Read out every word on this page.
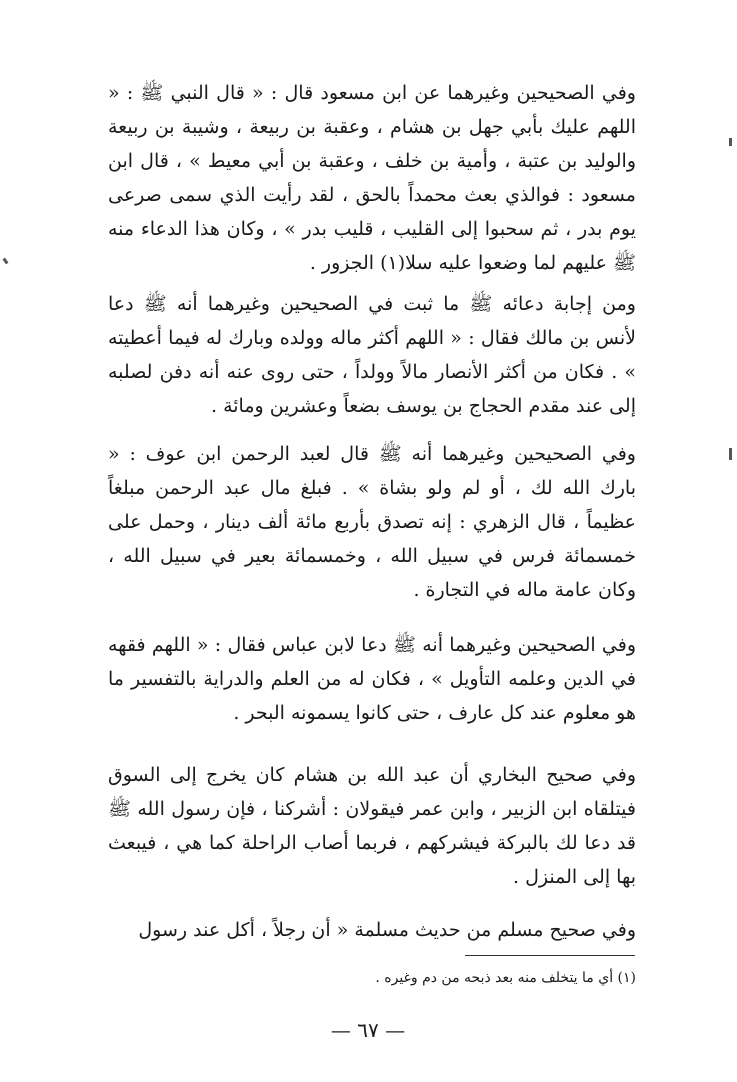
وفي الصحيحين وغيرهما عن ابن مسعود قال : « قال النبي ﷺ : « اللهم عليك بأبي جهل بن هشام ، وعقبة بن ربيعة ، وشيبة بن ربيعة والوليد بن عتبة ، وأمية بن خلف ، وعقبة بن أبي معيط » ، قال ابن مسعود : فوالذي بعث محمداً بالحق ، لقد رأيت الذي سمى صرعى يوم بدر ، ثم سحبوا إلى القليب ، قليب بدر » ، وكان هذا الدعاء منه ﷺ عليهم لما وضعوا عليه سلا(١) الجزور .

ومن إجابة دعائه ﷺ ما ثبت في الصحيحين وغيرهما أنه ﷺ دعا لأنس بن مالك فقال : « اللهم أكثر ماله وولده وبارك له فيما أعطيته » . فكان من أكثر الأنصار مالاً وولداً ، حتى روى عنه أنه دفن لصلبه إلى عند مقدم الحجاج بن يوسف بضعاً وعشرين ومائة .

وفي الصحيحين وغيرهما أنه ﷺ قال لعبد الرحمن ابن عوف : « بارك الله لك ، أو لم ولو بشاة » . فبلغ مال عبد الرحمن مبلغاً عظيماً ، قال الزهري : إنه تصدق بأربع مائة ألف دينار ، وحمل على خمسمائة فرس في سبيل الله ، وخمسمائة بعير في سبيل الله ، وكان عامة ماله في التجارة .

وفي الصحيحين وغيرهما أنه ﷺ دعا لابن عباس فقال : « اللهم فقهه في الدين وعلمه التأويل » ، فكان له من العلم والدراية بالتفسير ما هو معلوم عند كل عارف ، حتى كانوا يسمونه البحر .

وفي صحيح البخاري أن عبد الله بن هشام كان يخرج إلى السوق فيتلقاه ابن الزبير ، وابن عمر فيقولان : أشركنا ، فإن رسول الله ﷺ قد دعا لك بالبركة فيشركهم ، فربما أصاب الراحلة كما هي ، فيبعث بها إلى المنزل .

وفي صحيح مسلم من حديث مسلمة « أن رجلاً ، أكل عند رسول

(١) أي ما يتخلف منه بعد ذبحه من دم وغيره .
— ٦٧ —
